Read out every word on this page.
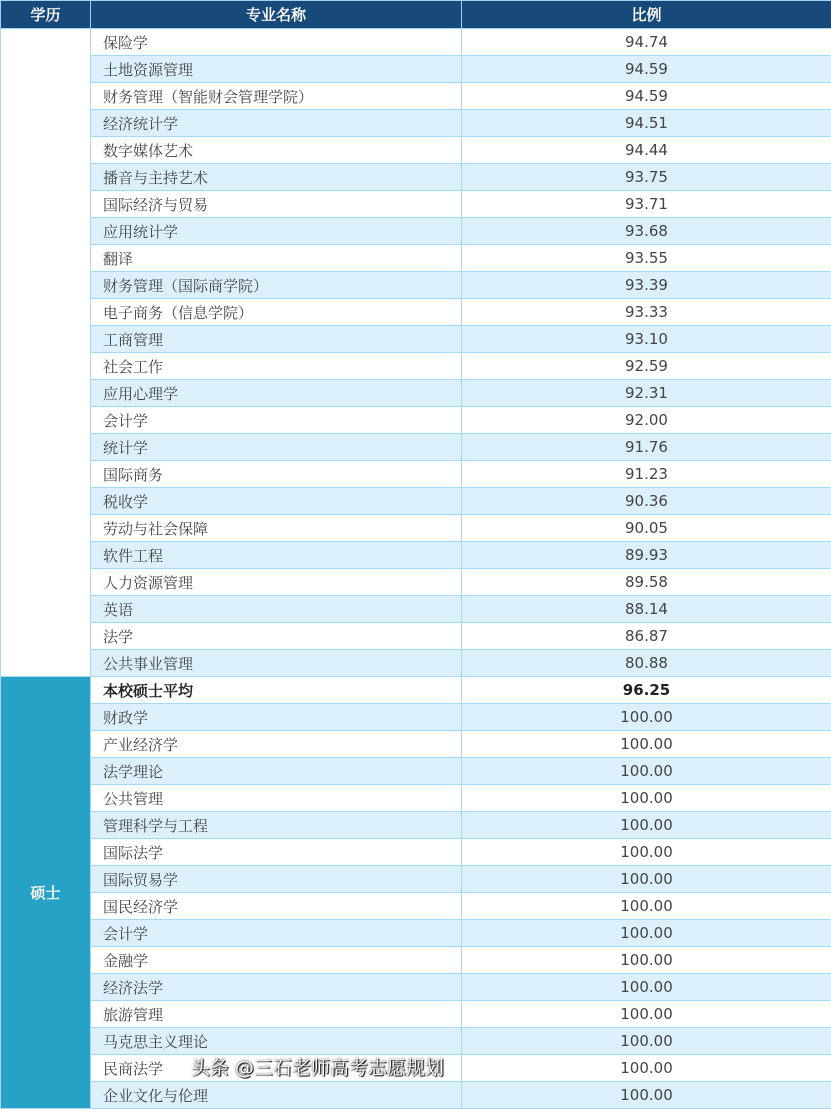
学历	专业名称	比例
	保险学	94.74
	土地资源管理	94.59
	财务管理（智能财会管理学院）	94.59
	经济统计学	94.51
	数字媒体艺术	94.44
	播音与主持艺术	93.75
	国际经济与贸易	93.71
	应用统计学	93.68
	翻译	93.55
	财务管理（国际商学院）	93.39
	电子商务（信息学院）	93.33
	工商管理	93.10
	社会工作	92.59
	应用心理学	92.31
	会计学	92.00
	统计学	91.76
	国际商务	91.23
	税收学	90.36
	劳动与社会保障	90.05
	软件工程	89.93
	人力资源管理	89.58
	英语	88.14
	法学	86.87
	公共事业管理	80.88
硕士	本校硕士平均	96.25
	财政学	100.00
	产业经济学	100.00
	法学理论	100.00
	公共管理	100.00
	管理科学与工程	100.00
	国际法学	100.00
	国际贸易学	100.00
	国民经济学	100.00
	会计学	100.00
	金融学	100.00
	经济法学	100.00
	旅游管理	100.00
	马克思主义理论	100.00
	民商法学 头条 @三石老师高考志愿规划	100.00
	企业文化与伦理	100.00
